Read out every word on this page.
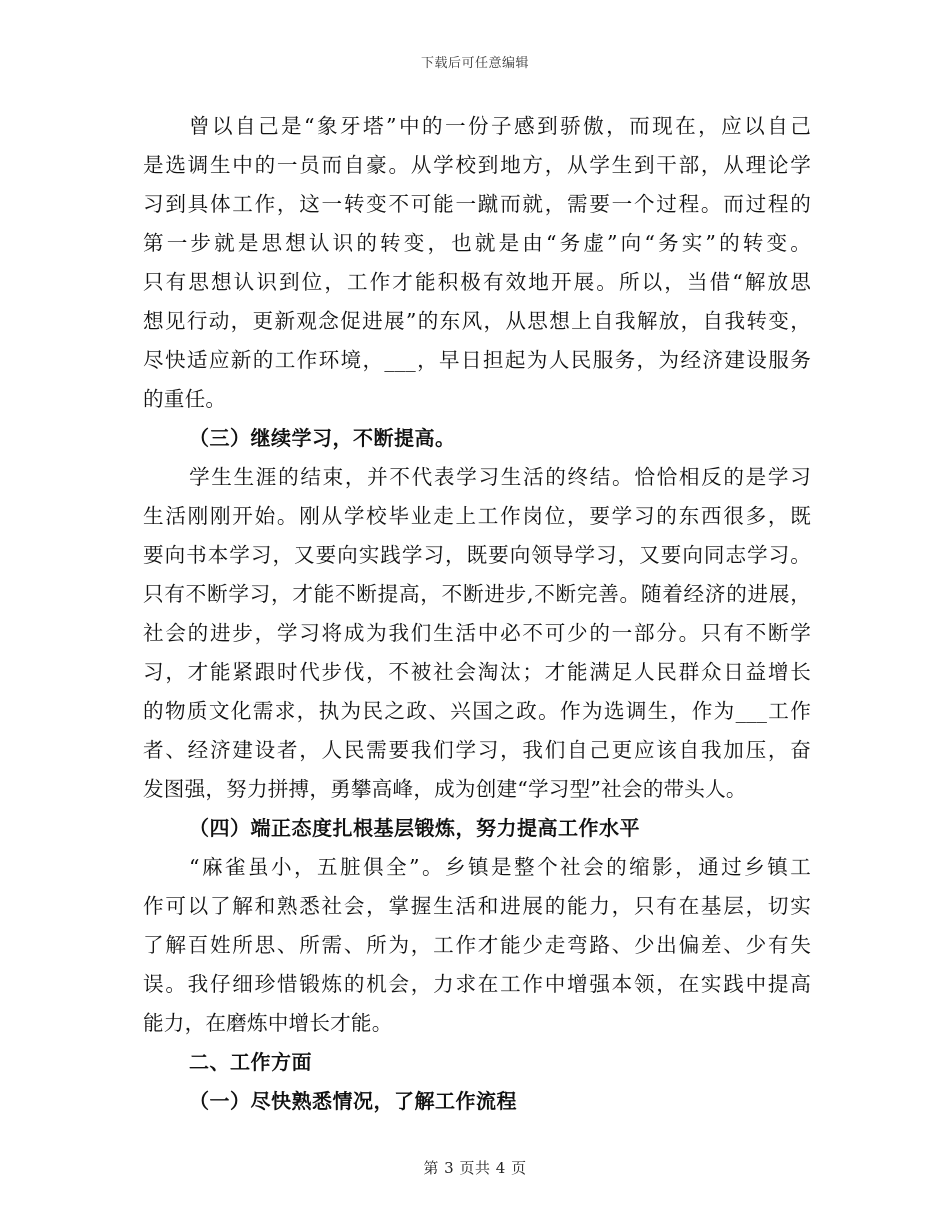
下载后可任意编辑
曾以自己是“象牙塔”中的一份子感到骄傲，而现在，应以自己
是选调生中的一员而自豪。从学校到地方，从学生到干部，从理论学
习到具体工作，这一转变不可能一蹴而就，需要一个过程。而过程的
第一步就是思想认识的转变，也就是由“务虚”向“务实”的转变。
只有思想认识到位，工作才能积极有效地开展。所以，当借“解放思
想见行动，更新观念促进展”的东风，从思想上自我解放，自我转变，
尽快适应新的工作环境，___，早日担起为人民服务，为经济建设服务
的重任。
（三）继续学习，不断提高。
学生生涯的结束，并不代表学习生活的终结。恰恰相反的是学习
生活刚刚开始。刚从学校毕业走上工作岗位，要学习的东西很多，既
要向书本学习，又要向实践学习，既要向领导学习，又要向同志学习。
只有不断学习，才能不断提高，不断进步,不断完善。随着经济的进展，
社会的进步，学习将成为我们生活中必不可少的一部分。只有不断学
习，才能紧跟时代步伐，不被社会淘汰；才能满足人民群众日益增长
的物质文化需求，执为民之政、兴国之政。作为选调生，作为___工作
者、经济建设者，人民需要我们学习，我们自己更应该自我加压，奋
发图强，努力拼搏，勇攀高峰，成为创建“学习型”社会的带头人。
（四）端正态度扎根基层锻炼，努力提高工作水平
“麻雀虽小，五脏俱全”。乡镇是整个社会的缩影，通过乡镇工
作可以了解和熟悉社会，掌握生活和进展的能力，只有在基层，切实
了解百姓所思、所需、所为，工作才能少走弯路、少出偏差、少有失
误。我仔细珍惜锻炼的机会，力求在工作中增强本领，在实践中提高
能力，在磨炼中增长才能。
二、工作方面
（一）尽快熟悉情况，了解工作流程
第 3 页共 4 页
